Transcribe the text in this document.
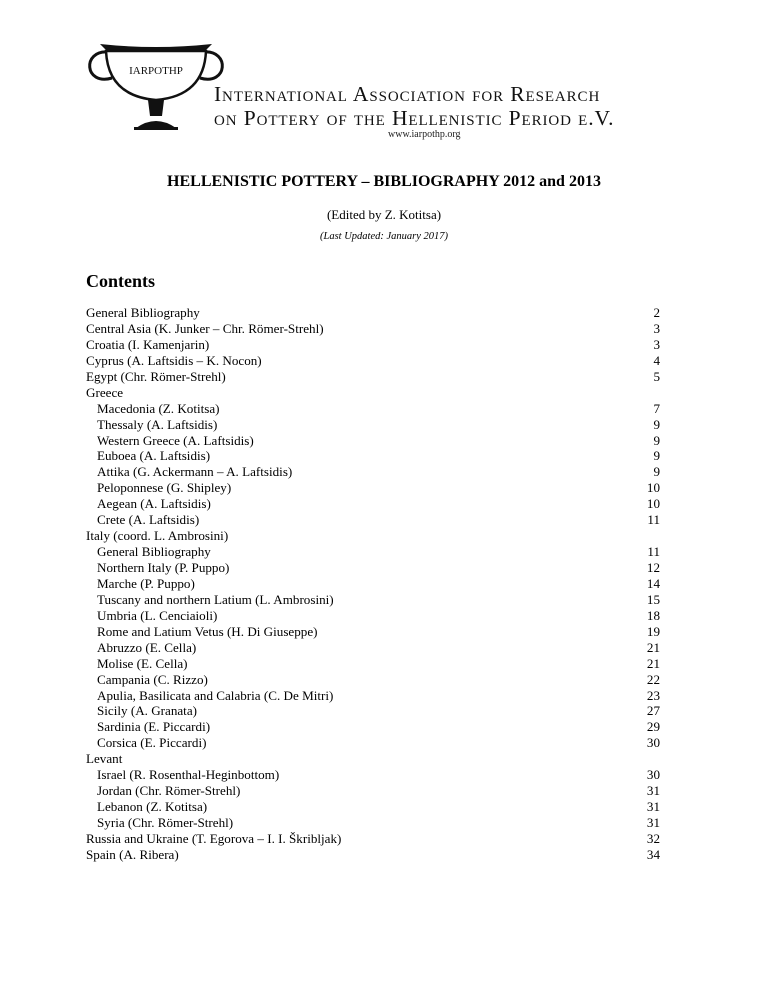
IARPOTHP
International Association for Research
on Pottery of the Hellenistic Period e.V.
www.iarpothp.org
HELLENISTIC POTTERY – BIBLIOGRAPHY 2012 and 2013
(Edited by Z. Kotitsa)
(Last Updated: January 2017)
Contents
General Bibliography	2
Central Asia (K. Junker – Chr. Römer-Strehl)	3
Croatia (I. Kamenjarin)	3
Cyprus (A. Laftsidis – K. Nocon)	4
Egypt (Chr. Römer-Strehl)	5
Greece
Macedonia (Z. Kotitsa)	7
Thessaly (A. Laftsidis)	9
Western Greece (A. Laftsidis)	9
Euboea (A. Laftsidis)	9
Attika (G. Ackermann – A. Laftsidis)	9
Peloponnese (G. Shipley)	10
Aegean (A. Laftsidis)	10
Crete (A. Laftsidis)	11
Italy (coord. L. Ambrosini)
General Bibliography	11
Northern Italy (P. Puppo)	12
Marche (P. Puppo)	14
Tuscany and northern Latium (L. Ambrosini)	15
Umbria (L. Cenciaioli)	18
Rome and Latium Vetus (H. Di Giuseppe)	19
Abruzzo (E. Cella)	21
Molise (E. Cella)	21
Campania (C. Rizzo)	22
Apulia, Basilicata and Calabria (C. De Mitri)	23
Sicily (A. Granata)	27
Sardinia (E. Piccardi)	29
Corsica (E. Piccardi)	30
Levant
Israel (R. Rosenthal-Heginbottom)	30
Jordan (Chr. Römer-Strehl)	31
Lebanon (Z. Kotitsa)	31
Syria (Chr. Römer-Strehl)	31
Russia and Ukraine (T. Egorova – I. I. Škribljak)	32
Spain (A. Ribera)	34
